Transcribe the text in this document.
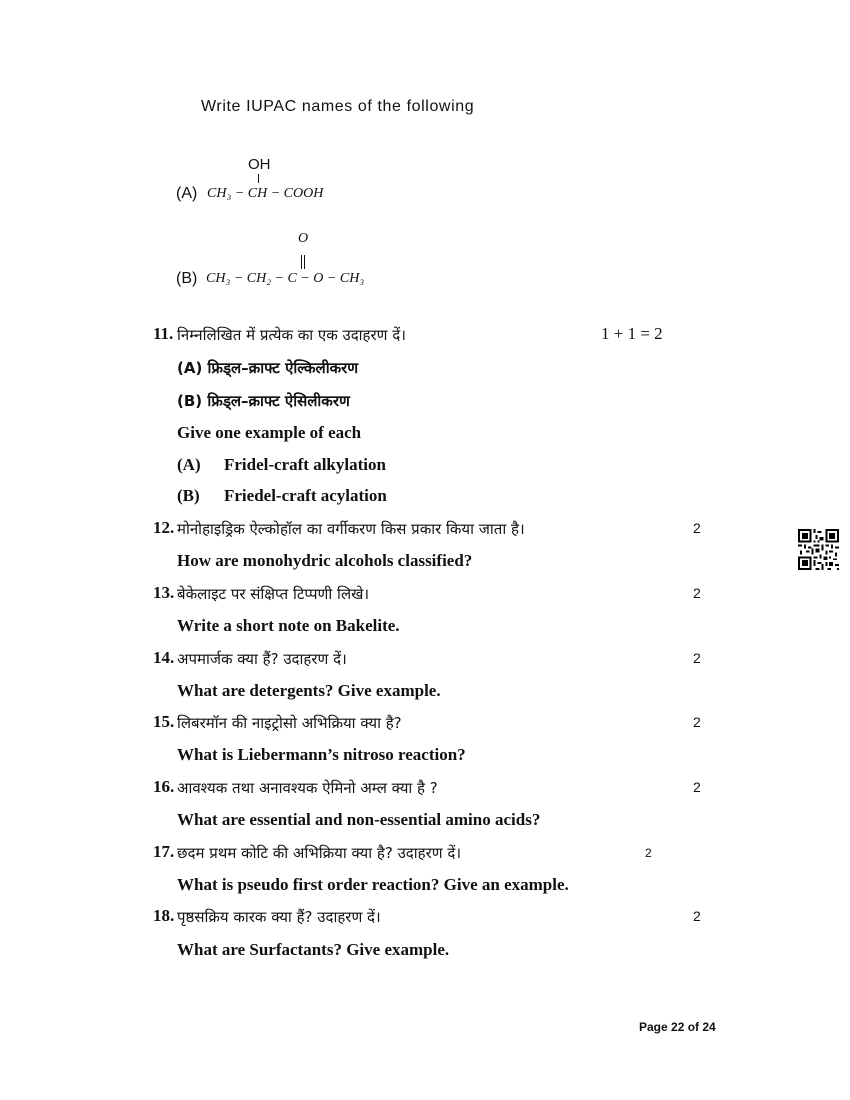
Write IUPAC names of the following
OH
(A) CH₃ − CH − COOH
O
(B) CH₃ − CH₂ − C − O − CH₃
11. निम्नलिखित में प्रत्येक का एक उदाहरण दें।	1 + 1 = 2
(A) फ्रिड्ल–क्राफ्ट ऐल्किलीकरण
(B) फ्रिड्ल–क्राफ्ट ऐसिलीकरण
Give one example of each
(A) Fridel-craft alkylation
(B) Friedel-craft acylation
12. मोनोहाइड्रिक ऐल्कोहॉल का वर्गीकरण किस प्रकार किया जाता है।	2
How are monohydric alcohols classified?
13. बेकेलाइट पर संक्षिप्त टिप्पणी लिखे।	2
Write a short note on Bakelite.
14. अपमार्जक क्या हैं? उदाहरण दें।	2
What are detergents? Give example.
15. लिबरमॉन की नाइट्रोसो अभिक्रिया क्या है?	2
What is Liebermann’s nitroso reaction?
16. आवश्यक तथा अनावश्यक ऐमिनो अम्ल क्या है ?	2
What are essential and non-essential amino acids?
17. छदम प्रथम कोटि की अभिक्रिया क्या है? उदाहरण दें।	2
What is pseudo first order reaction? Give an example.
18. पृष्ठसक्रिय कारक क्या हैं? उदाहरण दें।	2
What are Surfactants? Give example.
Page 22 of 24
